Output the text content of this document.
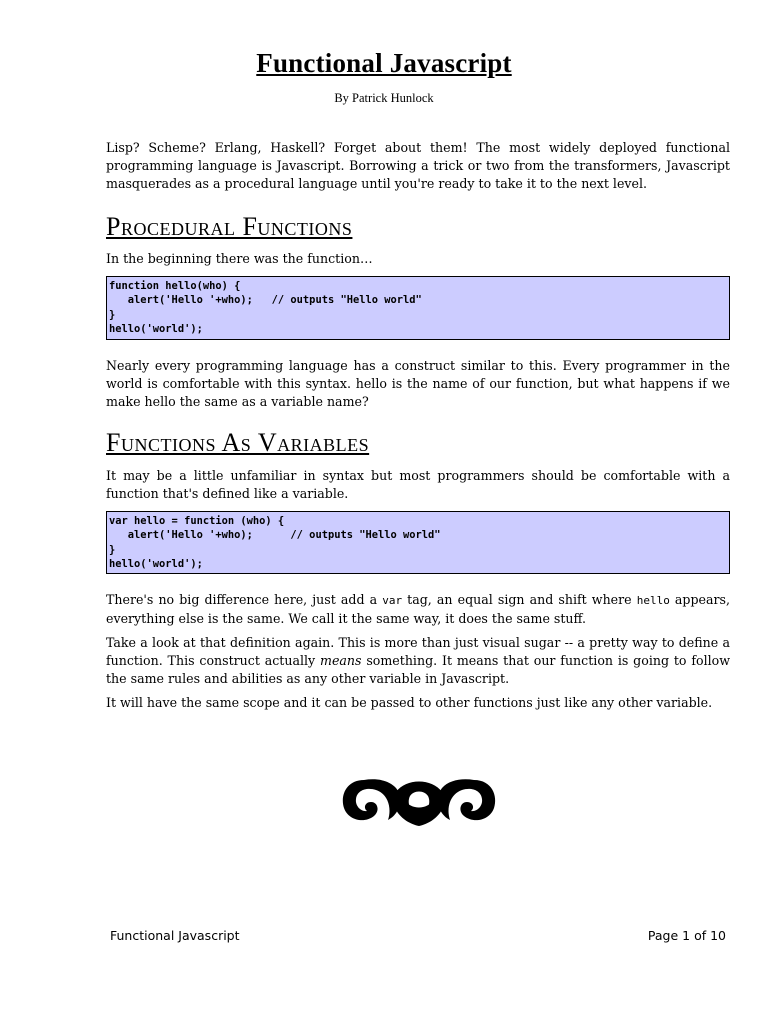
Functional Javascript
By Patrick Hunlock
Lisp? Scheme? Erlang, Haskell? Forget about them! The most widely deployed functional programming language is Javascript. Borrowing a trick or two from the transformers, Javascript masquerades as a procedural language until you're ready to take it to the next level.
Procedural Functions
In the beginning there was the function…
function hello(who) {
alert('Hello '+who);   // outputs "Hello world"
}
hello('world');
Nearly every programming language has a construct similar to this. Every programmer in the world is comfortable with this syntax. hello is the name of our function, but what happens if we make hello the same as a variable name?
Functions As Variables
It may be a little unfamiliar in syntax but most programmers should be comfortable with a function that's defined like a variable.
var hello = function (who) {
alert('Hello '+who);      // outputs "Hello world"
}
hello('world');
There's no big difference here, just add a var tag, an equal sign and shift where hello appears, everything else is the same. We call it the same way, it does the same stuff.
Take a look at that definition again. This is more than just visual sugar -- a pretty way to define a function. This construct actually means something. It means that our function is going to follow the same rules and abilities as any other variable in Javascript.
It will have the same scope and it can be passed to other functions just like any other variable.
Functional Javascript	Page 1 of 10
